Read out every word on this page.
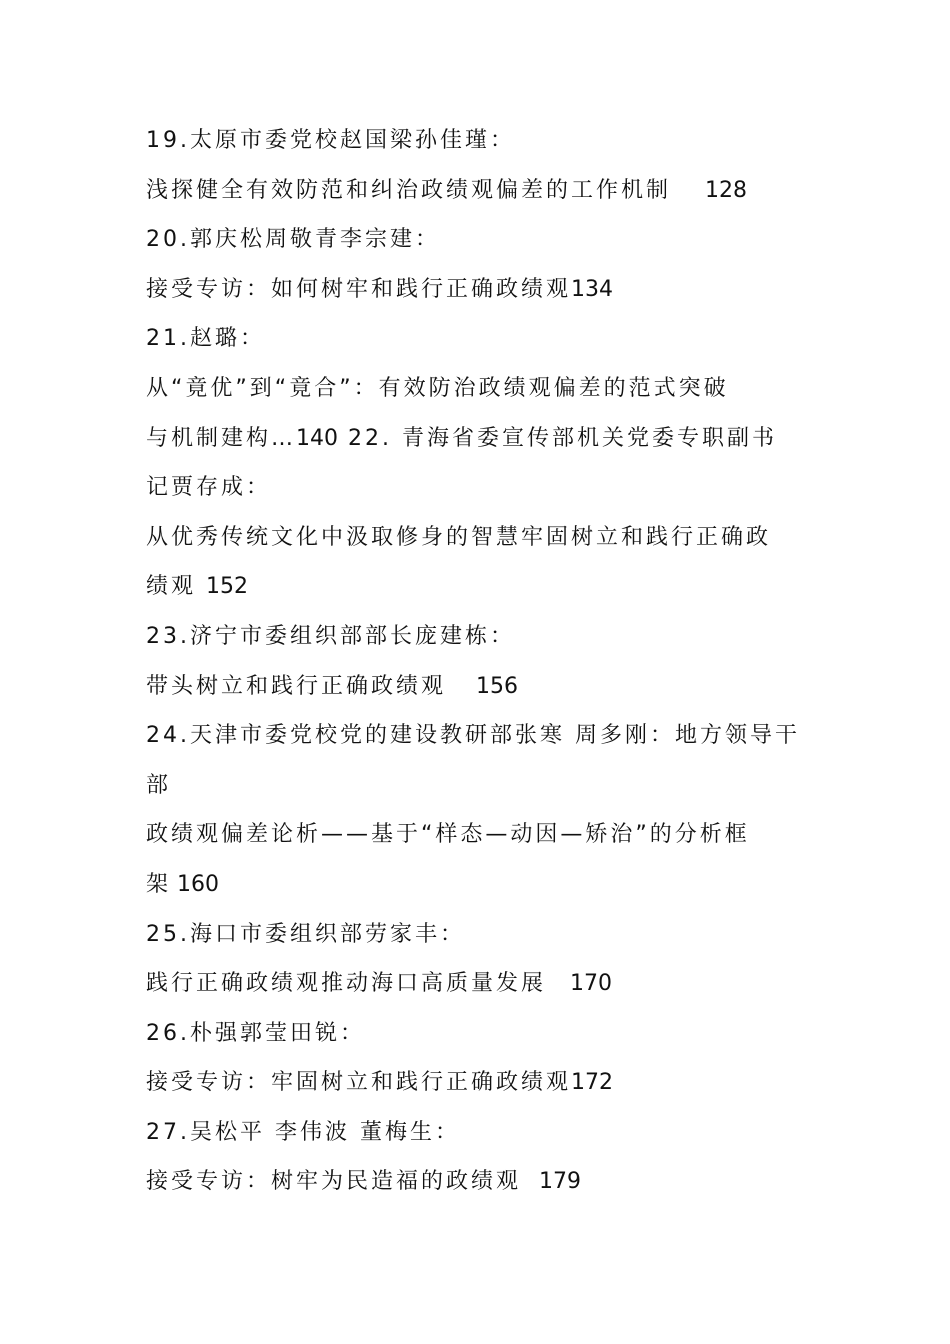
19.太原市委党校赵国梁孙佳瑾：
浅探健全有效防范和纠治政绩观偏差的工作机制 128
20.郭庆松周敬青李宗建：
接受专访：如何树牢和践行正确政绩观134
21.赵璐：
从“竟优”到“竟合”：有效防治政绩观偏差的范式突破
与机制建构…140 22. 青海省委宣传部机关党委专职副书
记贾存成：
从优秀传统文化中汲取修身的智慧牢固树立和践行正确政
绩观 152
23.济宁市委组织部部长庞建栋：
带头树立和践行正确政绩观 156
24.天津市委党校党的建设教研部张寒 周多刚：地方领导干
部
政绩观偏差论析——基于“样态—动因—矫治”的分析框
架 160
25.海口市委组织部劳家丰：
践行正确政绩观推动海口高质量发展 170
26.朴强郭莹田锐：
接受专访：牢固树立和践行正确政绩观172
27.吴松平 李伟波 董梅生：
接受专访：树牢为民造福的政绩观 179
